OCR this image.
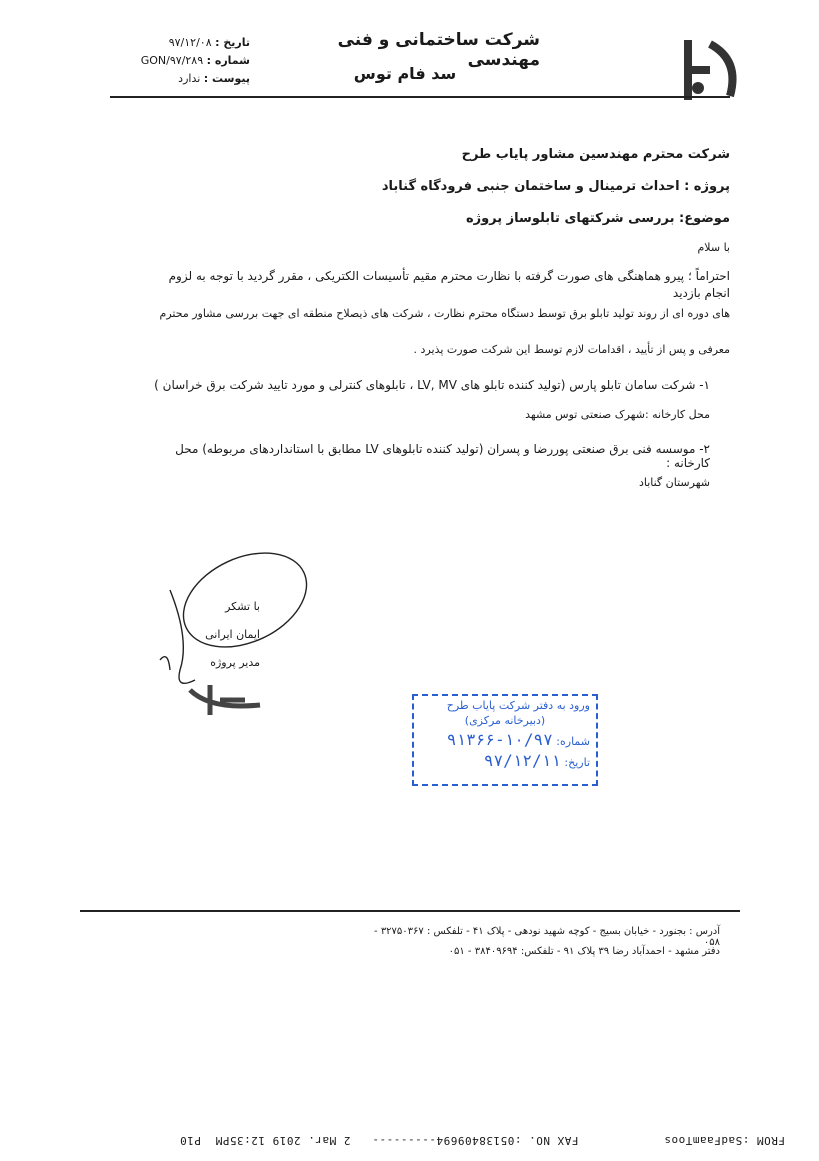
شرکت ساختمانی و فنی مهندسی
سد فام توس
تاریخ : ۹۷/۱۲/۰۸
شماره : GON/۹۷/۲۸۹
پیوست : ندارد
شرکت محترم مهندسین مشاور پایاب طرح
پروژه : احداث ترمینال و ساختمان جنبی فرودگاه گناباد
موضوع: بررسی شرکتهای تابلوساز پروژه
با سلام
احتراماً ؛ پیرو هماهنگی های صورت گرفته با نظارت محترم مقیم تأسیسات الکتریکی ، مقرر گردید با توجه به لزوم انجام بازدید
های دوره ای از روند تولید تابلو برق توسط دستگاه محترم نظارت ، شرکت های ذیصلاح منطقه ای جهت بررسی مشاور محترم
معرفی و پس از تأیید ، اقدامات لازم توسط این شرکت صورت پذیرد .
۱- شرکت سامان تابلو پارس (تولید کننده تابلو های LV, MV ، تابلوهای کنترلی و مورد تایید شرکت برق خراسان )
محل کارخانه :شهرک صنعتی توس مشهد
۲- موسسه فنی برق صنعتی پوررضا و پسران (تولید کننده تابلوهای LV مطابق با استانداردهای مربوطه) محل کارخانه :
شهرستان گناباد
با تشکر
ایمان ایرانی
مدیر پروژه
ورود به دفتر شرکت پایاب طرح
(دبیرخانه مرکزی)
شماره: ۱۰/۹۷-۹۱۳۶۶
تاریخ: ۹۷/۱۲/۱۱
آدرس : بجنورد - خیابان بسیج - کوچه شهید نودهی - پلاک ۴۱ - تلفکس : ۳۲۷۵۰۳۶۷ - ۰۵۸
دفتر مشهد - احمدآباد رضا ۳۹ پلاک ۹۱ - تلفکس: ۳۸۴۰۹۶۹۴ - ۰۵۱
FROM :SadFaamToos            FAX NO. :05138409694---------   2 Mar. 2019 12:35PM  P10
